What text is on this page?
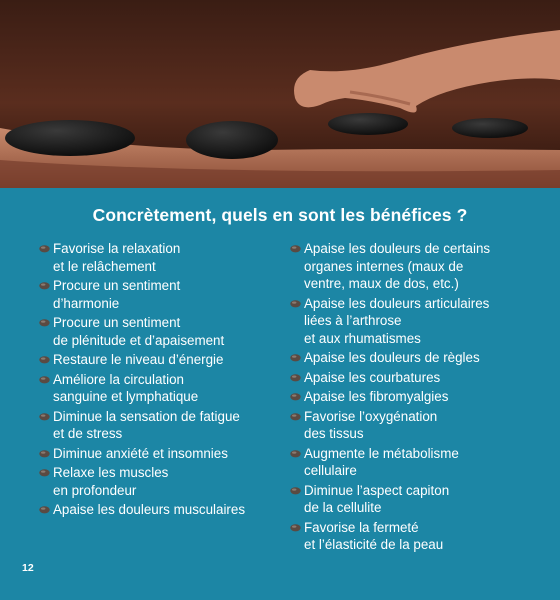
Concrètement, quels en sont les bénéfices ?
Favorise la relaxation
et le relâchement
Procure un sentiment
d’harmonie
Procure un sentiment
de plénitude et d’apaisement
Restaure le niveau d’énergie
Améliore la circulation
sanguine et lymphatique
Diminue la sensation de fatigue
et de stress
Diminue anxiété et insomnies
Relaxe les muscles
en profondeur
Apaise les douleurs musculaires
Apaise les douleurs de certains
organes internes (maux de
ventre, maux de dos, etc.)
Apaise les douleurs articulaires
liées à l’arthrose
et aux rhumatismes
Apaise les douleurs de règles
Apaise les courbatures
Apaise les fibromyalgies
Favorise l’oxygénation
des tissus
Augmente le métabolisme
cellulaire
Diminue l’aspect capiton
de la cellulite
Favorise la fermeté
et l’élasticité de la peau
12
